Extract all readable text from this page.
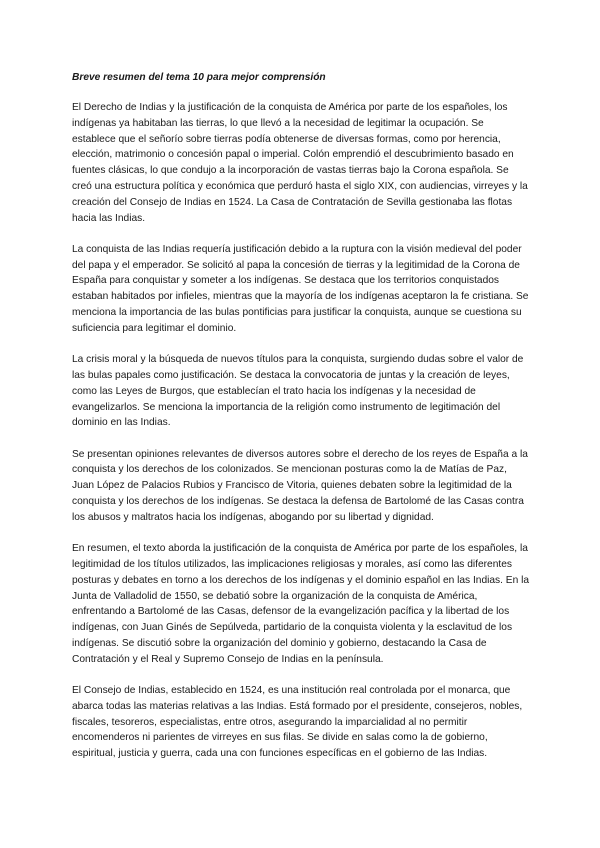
Breve resumen del tema 10 para mejor comprensión

El Derecho de Indias y la justificación de la conquista de América por parte de los españoles, los indígenas ya habitaban las tierras, lo que llevó a la necesidad de legitimar la ocupación. Se establece que el señorío sobre tierras podía obtenerse de diversas formas, como por herencia, elección, matrimonio o concesión papal o imperial. Colón emprendió el descubrimiento basado en fuentes clásicas, lo que condujo a la incorporación de vastas tierras bajo la Corona española. Se creó una estructura política y económica que perduró hasta el siglo XIX, con audiencias, virreyes y la creación del Consejo de Indias en 1524. La Casa de Contratación de Sevilla gestionaba las flotas hacia las Indias.

La conquista de las Indias requería justificación debido a la ruptura con la visión medieval del poder del papa y el emperador. Se solicitó al papa la concesión de tierras y la legitimidad de la Corona de España para conquistar y someter a los indígenas. Se destaca que los territorios conquistados estaban habitados por infieles, mientras que la mayoría de los indígenas aceptaron la fe cristiana. Se menciona la importancia de las bulas pontificias para justificar la conquista, aunque se cuestiona su suficiencia para legitimar el dominio.

La crisis moral y la búsqueda de nuevos títulos para la conquista, surgiendo dudas sobre el valor de las bulas papales como justificación. Se destaca la convocatoria de juntas y la creación de leyes, como las Leyes de Burgos, que establecían el trato hacia los indígenas y la necesidad de evangelizarlos. Se menciona la importancia de la religión como instrumento de legitimación del dominio en las Indias.

Se presentan opiniones relevantes de diversos autores sobre el derecho de los reyes de España a la conquista y los derechos de los colonizados. Se mencionan posturas como la de Matías de Paz, Juan López de Palacios Rubios y Francisco de Vitoria, quienes debaten sobre la legitimidad de la conquista y los derechos de los indígenas. Se destaca la defensa de Bartolomé de las Casas contra los abusos y maltratos hacia los indígenas, abogando por su libertad y dignidad.

En resumen, el texto aborda la justificación de la conquista de América por parte de los españoles, la legitimidad de los títulos utilizados, las implicaciones religiosas y morales, así como las diferentes posturas y debates en torno a los derechos de los indígenas y el dominio español en las Indias. En la Junta de Valladolid de 1550, se debatió sobre la organización de la conquista de América, enfrentando a Bartolomé de las Casas, defensor de la evangelización pacífica y la libertad de los indígenas, con Juan Ginés de Sepúlveda, partidario de la conquista violenta y la esclavitud de los indígenas. Se discutió sobre la organización del dominio y gobierno, destacando la Casa de Contratación y el Real y Supremo Consejo de Indias en la península.

El Consejo de Indias, establecido en 1524, es una institución real controlada por el monarca, que abarca todas las materias relativas a las Indias. Está formado por el presidente, consejeros, nobles, fiscales, tesoreros, especialistas, entre otros, asegurando la imparcialidad al no permitir encomenderos ni parientes de virreyes en sus filas. Se divide en salas como la de gobierno, espiritual, justicia y guerra, cada una con funciones específicas en el gobierno de las Indias.
